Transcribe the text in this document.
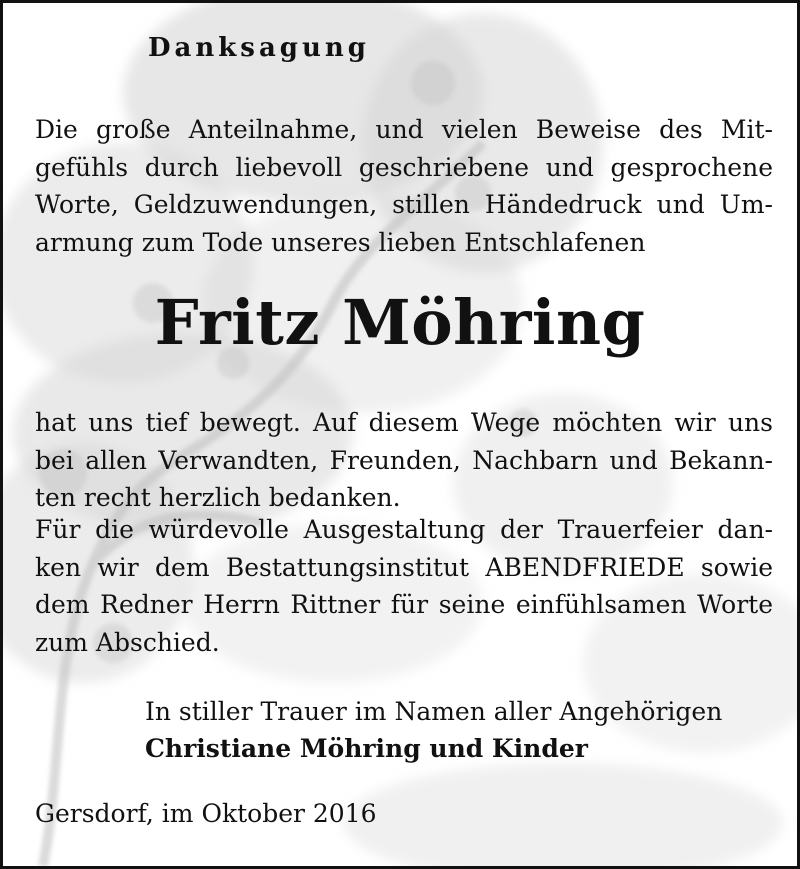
Danksagung
Die große Anteilnahme, und vielen Beweise des Mit-
gefühls durch liebevoll geschriebene und gesprochene
Worte, Geldzuwendungen, stillen Händedruck und Um-
armung zum Tode unseres lieben Entschlafenen
Fritz Möhring
hat uns tief bewegt. Auf diesem Wege möchten wir uns
bei allen Verwandten, Freunden, Nachbarn und Bekann-
ten recht herzlich bedanken.
Für die würdevolle Ausgestaltung der Trauerfeier dan-
ken wir dem Bestattungsinstitut ABENDFRIEDE sowie
dem Redner Herrn Rittner für seine einfühlsamen Worte
zum Abschied.
In stiller Trauer im Namen aller Angehörigen
Christiane Möhring und Kinder
Gersdorf, im Oktober 2016
